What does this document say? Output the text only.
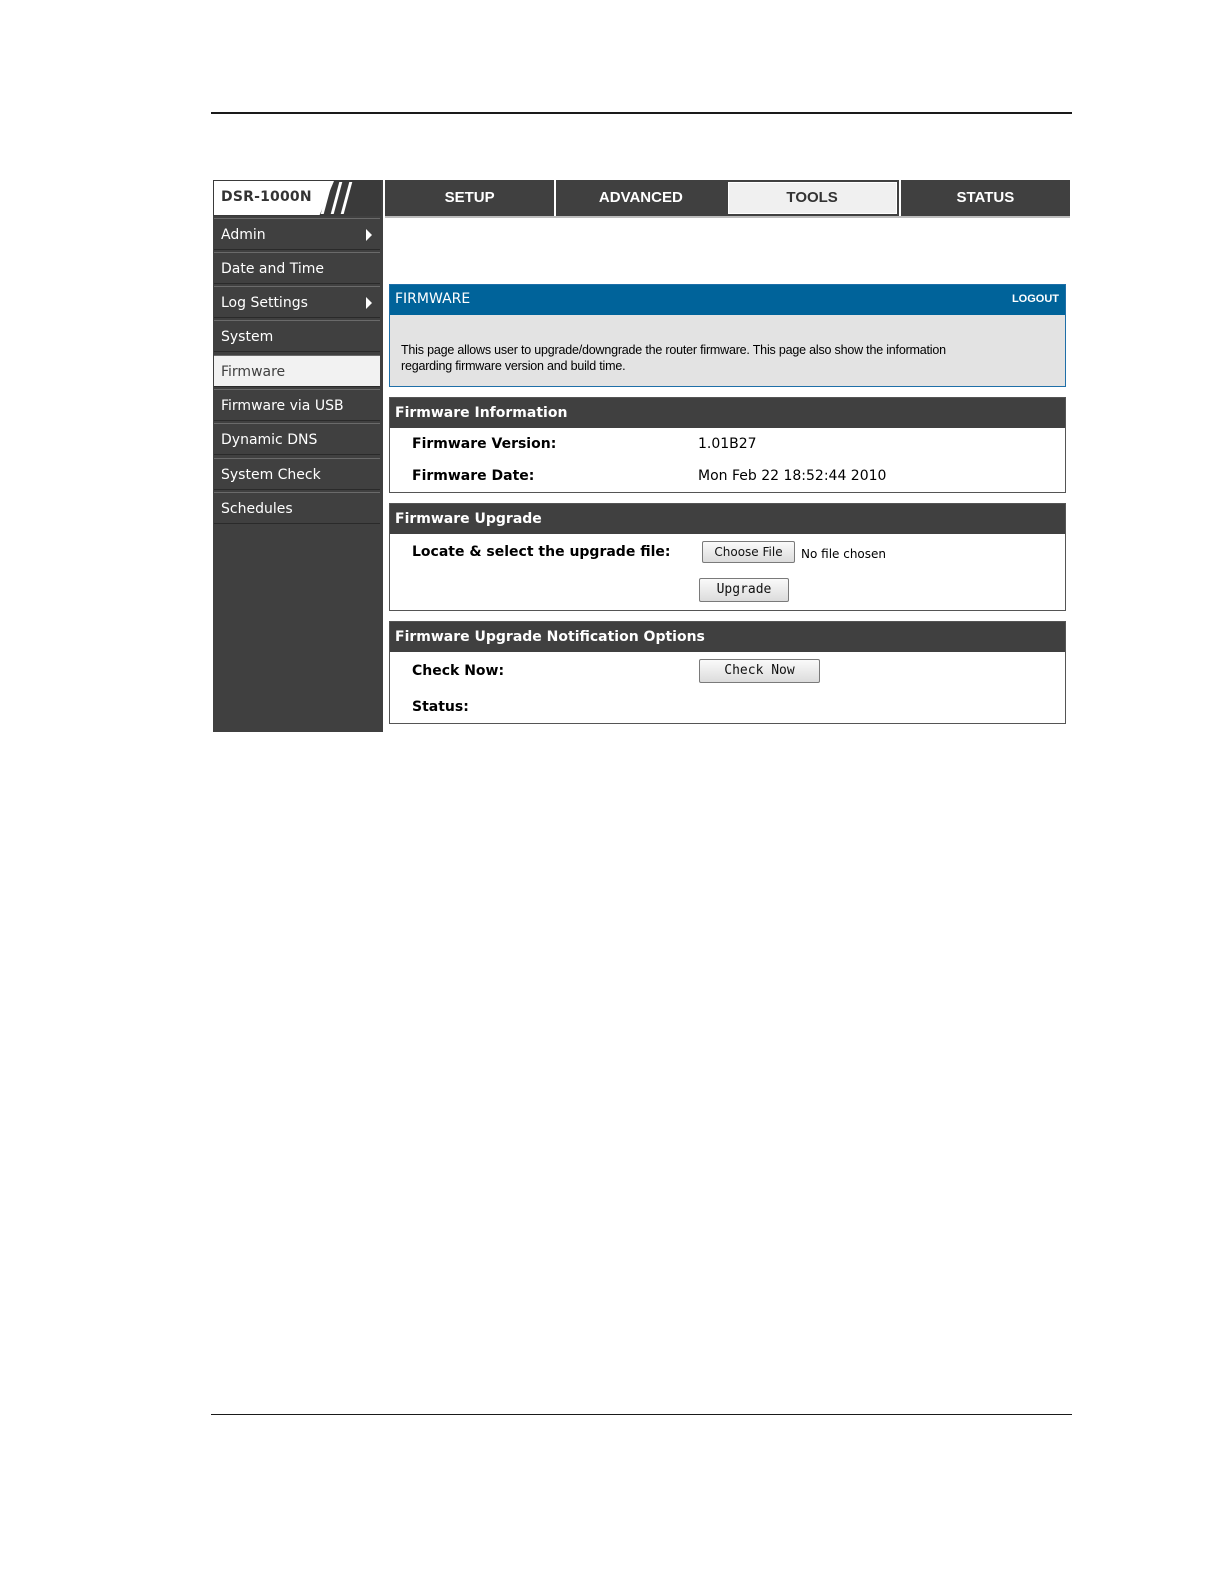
DSR-1000N	SETUP	ADVANCED	TOOLS	STATUS
Admin
Date and Time
Log Settings
System
Firmware
Firmware via USB
Dynamic DNS
System Check
Schedules
FIRMWARE	LOGOUT
This page allows user to upgrade/downgrade the router firmware. This page also show the information
regarding firmware version and build time.
Firmware Information
Firmware Version:	1.01B27
Firmware Date:	Mon Feb 22 18:52:44 2010
Firmware Upgrade
Locate & select the upgrade file:	Choose File	No file chosen
Upgrade
Firmware Upgrade Notification Options
Check Now:	Check Now
Status:
